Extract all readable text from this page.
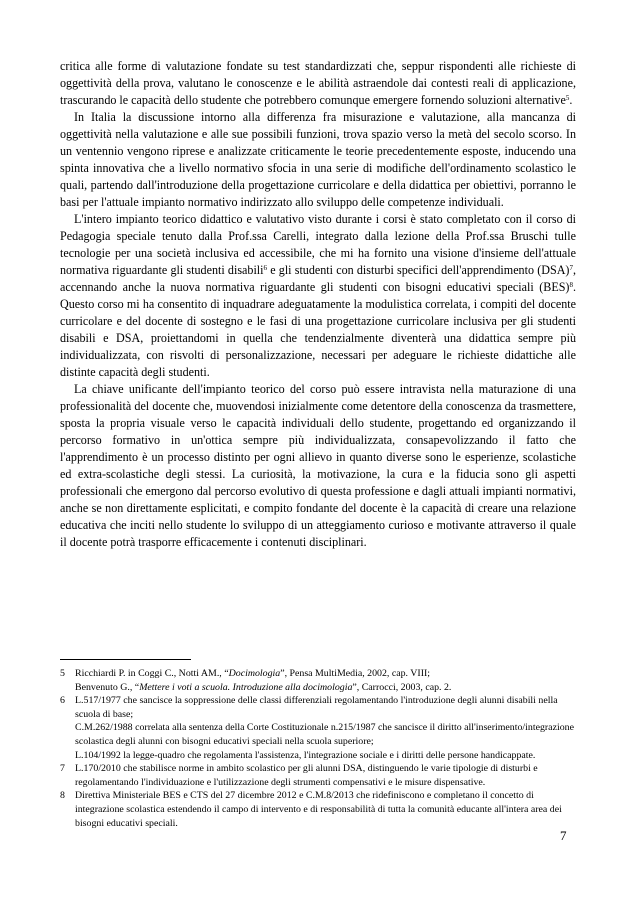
critica alle forme di valutazione fondate su test standardizzati che, seppur rispondenti alle richieste di oggettività della prova, valutano le conoscenze e le abilità astraendole dai contesti reali di applicazione, trascurando le capacità dello studente che potrebbero comunque emergere fornendo soluzioni alternative$^5$.

In Italia la discussione intorno alla differenza fra misurazione e valutazione, alla mancanza di oggettività nella valutazione e alle sue possibili funzioni, trova spazio verso la metà del secolo scorso. In un ventennio vengono riprese e analizzate criticamente le teorie precedentemente esposte, inducendo una spinta innovativa che a livello normativo sfocia in una serie di modifiche dell'ordinamento scolastico le quali, partendo dall'introduzione della progettazione curricolare e della didattica per obiettivi, porranno le basi per l'attuale impianto normativo indirizzato allo sviluppo delle competenze individuali.

L'intero impianto teorico didattico e valutativo visto durante i corsi è stato completato con il corso di Pedagogia speciale tenuto dalla Prof.ssa Carelli, integrato dalla lezione della Prof.ssa Bruschi tulle tecnologie per una società inclusiva ed accessibile, che mi ha fornito una visione d'insieme dell'attuale normativa riguardante gli studenti disabili$^6$ e gli studenti con disturbi specifici dell'apprendimento (DSA)$^7$, accennando anche la nuova normativa riguardante gli studenti con bisogni educativi speciali (BES)$^8$. Questo corso mi ha consentito di inquadrare adeguatamente la modulistica correlata, i compiti del docente curricolare e del docente di sostegno e le fasi di una progettazione curricolare inclusiva per gli studenti disabili e DSA, proiettandomi in quella che tendenzialmente diventerà una didattica sempre più individualizzata, con risvolti di personalizzazione, necessari per adeguare le richieste didattiche alle distinte capacità degli studenti.

La chiave unificante dell'impianto teorico del corso può essere intravista nella maturazione di una professionalità del docente che, muovendosi inizialmente come detentore della conoscenza da trasmettere, sposta la propria visuale verso le capacità individuali dello studente, progettando ed organizzando il percorso formativo in un'ottica sempre più individualizzata, consapevolizzando il fatto che l'apprendimento è un processo distinto per ogni allievo in quanto diverse sono le esperienze, scolastiche ed extra-scolastiche degli stessi. La curiosità, la motivazione, la cura e la fiducia sono gli aspetti professionali che emergono dal percorso evolutivo di questa professione e dagli attuali impianti normativi, anche se non direttamente esplicitati, e compito fondante del docente è la capacità di creare una relazione educativa che inciti nello studente lo sviluppo di un atteggiamento curioso e motivante attraverso il quale il docente potrà trasporre efficacemente i contenuti disciplinari.

5	Ricchiardi P. in Coggi C., Notti AM., “Docimologia”, Pensa MultiMedia, 2002, cap. VIII;
Benvenuto G., “Mettere i voti a scuola. Introduzione alla docimologia”, Carrocci, 2003, cap. 2.
6	L.517/1977 che sancisce la soppressione delle classi differenziali regolamentando l'introduzione degli alunni disabili nella scuola di base;
C.M.262/1988 correlata alla sentenza della Corte Costituzionale n.215/1987 che sancisce il diritto all'inserimento/integrazione scolastica degli alunni con bisogni educativi speciali nella scuola superiore;
L.104/1992 la legge-quadro che regolamenta l'assistenza, l'integrazione sociale e i diritti delle persone handicappate.
7	L.170/2010 che stabilisce norme in ambito scolastico per gli alunni DSA, distinguendo le varie tipologie di disturbi e regolamentando l'individuazione e l'utilizzazione degli strumenti compensativi e le misure dispensative.
8	Direttiva Ministeriale BES e CTS del 27 dicembre 2012 e C.M.8/2013 che ridefiniscono e completano il concetto di integrazione scolastica estendendo il campo di intervento e di responsabilità di tutta la comunità educante all'intera area dei bisogni educativi speciali.
7
